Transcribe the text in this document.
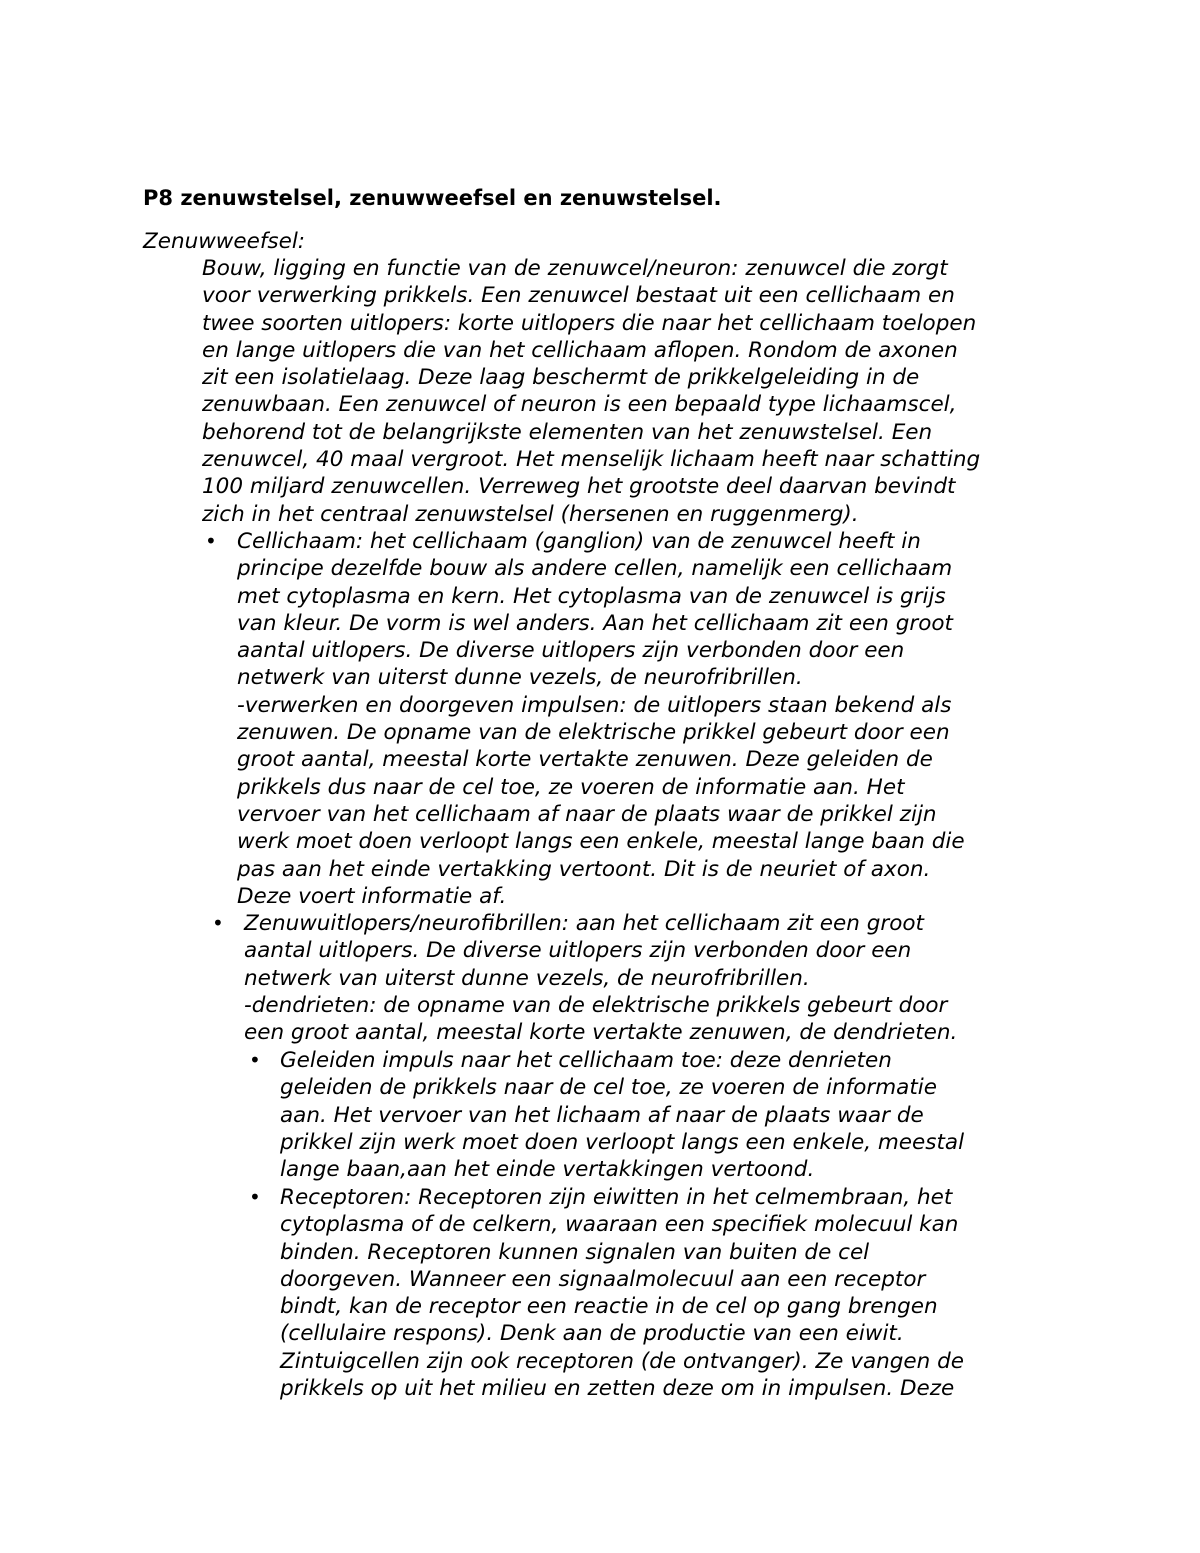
P8 zenuwstelsel, zenuwweefsel en zenuwstelsel.

Zenuwweefsel:

Bouw, ligging en functie van de zenuwcel/neuron: zenuwcel die zorgt
voor verwerking prikkels. Een zenuwcel bestaat uit een cellichaam en
twee soorten uitlopers: korte uitlopers die naar het cellichaam toelopen
en lange uitlopers die van het cellichaam aflopen. Rondom de axonen
zit een isolatielaag. Deze laag beschermt de prikkelgeleiding in de
zenuwbaan. Een zenuwcel of neuron is een bepaald type lichaamscel,
behorend tot de belangrijkste elementen van het zenuwstelsel. Een
zenuwcel, 40 maal vergroot. Het menselijk lichaam heeft naar schatting
100 miljard zenuwcellen. Verreweg het grootste deel daarvan bevindt
zich in het centraal zenuwstelsel (hersenen en ruggenmerg).

• Cellichaam: het cellichaam (ganglion) van de zenuwcel heeft in
principe dezelfde bouw als andere cellen, namelijk een cellichaam
met cytoplasma en kern. Het cytoplasma van de zenuwcel is grijs
van kleur. De vorm is wel anders. Aan het cellichaam zit een groot
aantal uitlopers. De diverse uitlopers zijn verbonden door een
netwerk van uiterst dunne vezels, de neurofribrillen.
-verwerken en doorgeven impulsen: de uitlopers staan bekend als
zenuwen. De opname van de elektrische prikkel gebeurt door een
groot aantal, meestal korte vertakte zenuwen. Deze geleiden de
prikkels dus naar de cel toe, ze voeren de informatie aan. Het
vervoer van het cellichaam af naar de plaats waar de prikkel zijn
werk moet doen verloopt langs een enkele, meestal lange baan die
pas aan het einde vertakking vertoont. Dit is de neuriet of axon.
Deze voert informatie af.

• Zenuwuitlopers/neurofibrillen: aan het cellichaam zit een groot
aantal uitlopers. De diverse uitlopers zijn verbonden door een
netwerk van uiterst dunne vezels, de neurofribrillen.
-dendrieten: de opname van de elektrische prikkels gebeurt door
een groot aantal, meestal korte vertakte zenuwen, de dendrieten.

• Geleiden impuls naar het cellichaam toe: deze denrieten
geleiden de prikkels naar de cel toe, ze voeren de informatie
aan. Het vervoer van het lichaam af naar de plaats waar de
prikkel zijn werk moet doen verloopt langs een enkele, meestal
lange baan,aan het einde vertakkingen vertoond.

• Receptoren: Receptoren zijn eiwitten in het celmembraan, het
cytoplasma of de celkern, waaraan een specifiek molecuul kan
binden. Receptoren kunnen signalen van buiten de cel
doorgeven. Wanneer een signaalmolecuul aan een receptor
bindt, kan de receptor een reactie in de cel op gang brengen
(cellulaire respons). Denk aan de productie van een eiwit.
Zintuigcellen zijn ook receptoren (de ontvanger). Ze vangen de
prikkels op uit het milieu en zetten deze om in impulsen. Deze
